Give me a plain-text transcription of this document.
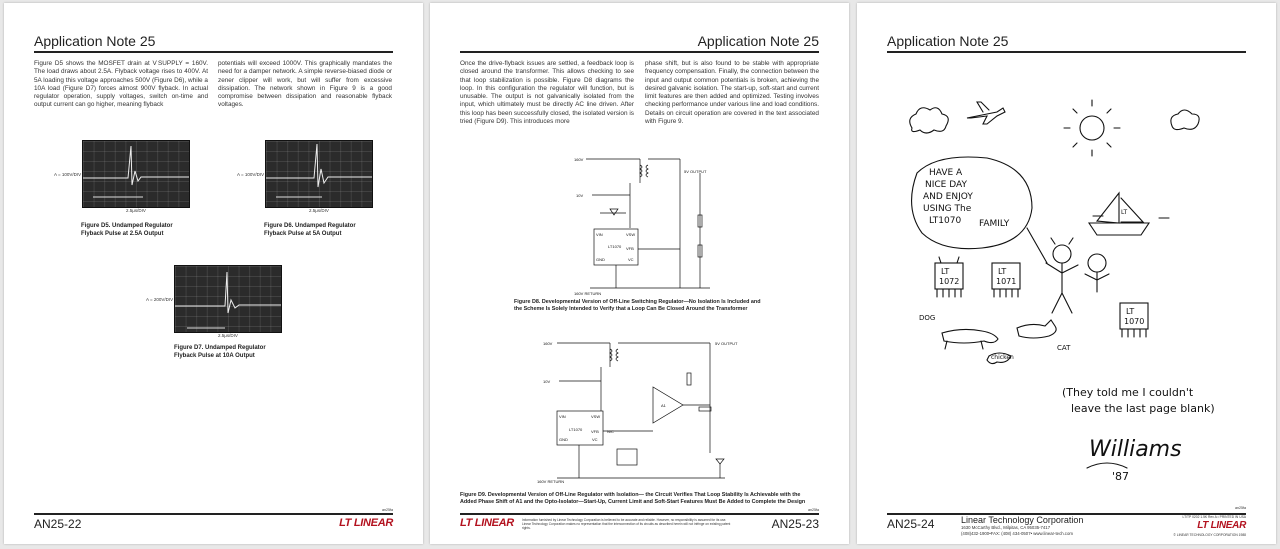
Application Note 25
Figure D5 shows the MOSFET drain at V SUPPLY = 160V. The load draws about 2.5A. Flyback voltage rises to 400V. At 5A loading this voltage approaches 500V (Figure D6), while a 10A load (Figure D7) forces almost 900V flyback. In actual regulator operation, supply voltages, switch on-time and output current can go higher, meaning flyback
potentials will exceed 1000V. This graphically mandates the need for a damper network. A simple reverse-biased diode or zener clipper will work, but will suffer from excessive dissipation. The network shown in Figure 9 is a good compromise between dissipation and reasonable flyback voltages.
A = 100V/DIV
2.5μs/DIV
Figure D5. Undamped Regulator
Flyback Pulse at 2.5A Output
A = 100V/DIV
2.5μs/DIV
Figure D6. Undamped Regulator
Flyback Pulse at 5A Output
A = 200V/DIV
2.5μs/DIV
Figure D7. Undamped Regulator
Flyback Pulse at 10A Output
an25fa
AN25-22	LT LINEAR
Application Note 25
Once the drive-flyback issues are settled, a feedback loop is closed around the transformer. This allows checking to see that loop stabilization is possible. Figure D8 diagrams the loop. In this configuration the regulator will function, but is unusable. The output is not galvanically isolated from the input, which ultimately must be directly AC line driven. After this loop has been successfully closed, the isolated version is tried (Figure D9). This introduces more
phase shift, but is also found to be stable with appropriate frequency compensation. Finally, the connection between the input and output common potentials is broken, achieving the desired galvanic isolation. The start-up, soft-start and current limit features are then added and optimized. Testing involves checking performance under various line and load conditions. Details on circuit operation are covered in the text associated with Figure 9.
160V
10V
5V OUTPUT
LT1070
VIN	VSW
VFB
GND	VC
160V RETURN
Figure D8. Developmental Version of Off-Line Switching Regulator—No Isolation Is Included and
the Scheme Is Solely Intended to Verify that a Loop Can Be Closed Around the Transformer
160V
10V
5V OUTPUT
LT1070
VIN	VSW
VFB
GND	VC
A1
N/C
160V RETURN
Figure D9. Developmental Version of Off-Line Regulator with Isolation— the Circuit Verifies That Loop Stability Is Achievable with the
Added Phase Shift of A1 and the Opto-Isolator—Start-Up, Current Limit and Soft-Start Features Must Be Added to Complete the Design
an25fa
LT LINEAR	Information furnished by Linear Technology Corporation is believed to be accurate and reliable. However, no responsibility is assumed for its use. Linear Technology Corporation makes no representation that the interconnection of its circuits as described herein will not infringe on existing patent rights.	AN25-23
Application Note 25
HAVE A
NICE DAY
AND ENJOY
USING The
LT1070 FAMILY
LT
1072
LT
1071
LT
1070
LT
DOG
CAT
chicken
(They told me I couldn't
leave the last page blank)
Williams
'87
an25fa
AN25-24	Linear Technology Corporation
1630 McCarthy Blvd., Milpitas, CA 95035-7417
(408)432-1900•FAX: (408) 434-0507• www.linear-tech.com
LT/TP 0202 1.5K Rev A • PRINTED IN USA
LT LINEAR
© LINEAR TECHNOLOGY CORPORATION 1988
